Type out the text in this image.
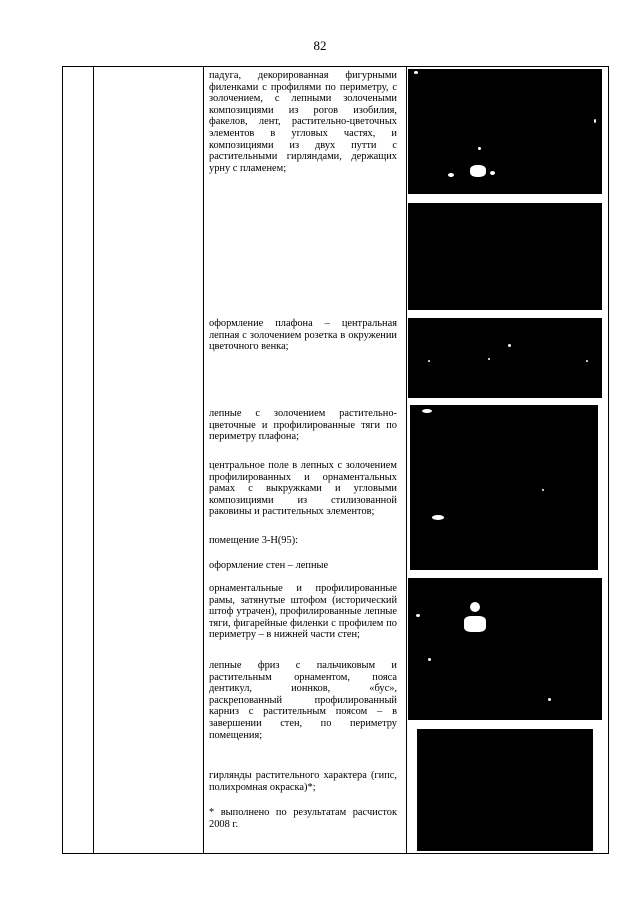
82

падуга, декорированная фигурными филенками с профилями по периметру, с золочением, с лепными золочеными композициями из рогов изобилия, факелов, лент, растительно-цветочных элементов в угловых частях, и композициями из двух путти с растительными гирляндами, держащих урну с пламенем;

оформление плафона – центральная лепная с золочением розетка в окружении цветочного венка;

лепные с золочением растительно-цветочные и профилированные тяги по периметру плафона;

центральное поле в лепных с золочением профилированных и орнаментальных рамах с выкружками и угловыми композициями из стилизованной раковины и растительных элементов;

помещение 3-Н(95):

оформление стен – лепные

орнаментальные и профилированные рамы, затянутые штофом (исторический штоф утрачен), профилированные лепные тяги, фигарейные филенки с профилем по периметру – в нижней части стен;

лепные фриз с пальчиковым и растительным орнаментом, пояса дентикул, ионнков, «бус», раскрепованный профилированный карниз с растительным поясом – в завершении стен, по периметру помещения;

гирлянды растительного характера (гипс, полихромная окраска)*;

* выполнено по результатам расчисток 2008 г.
